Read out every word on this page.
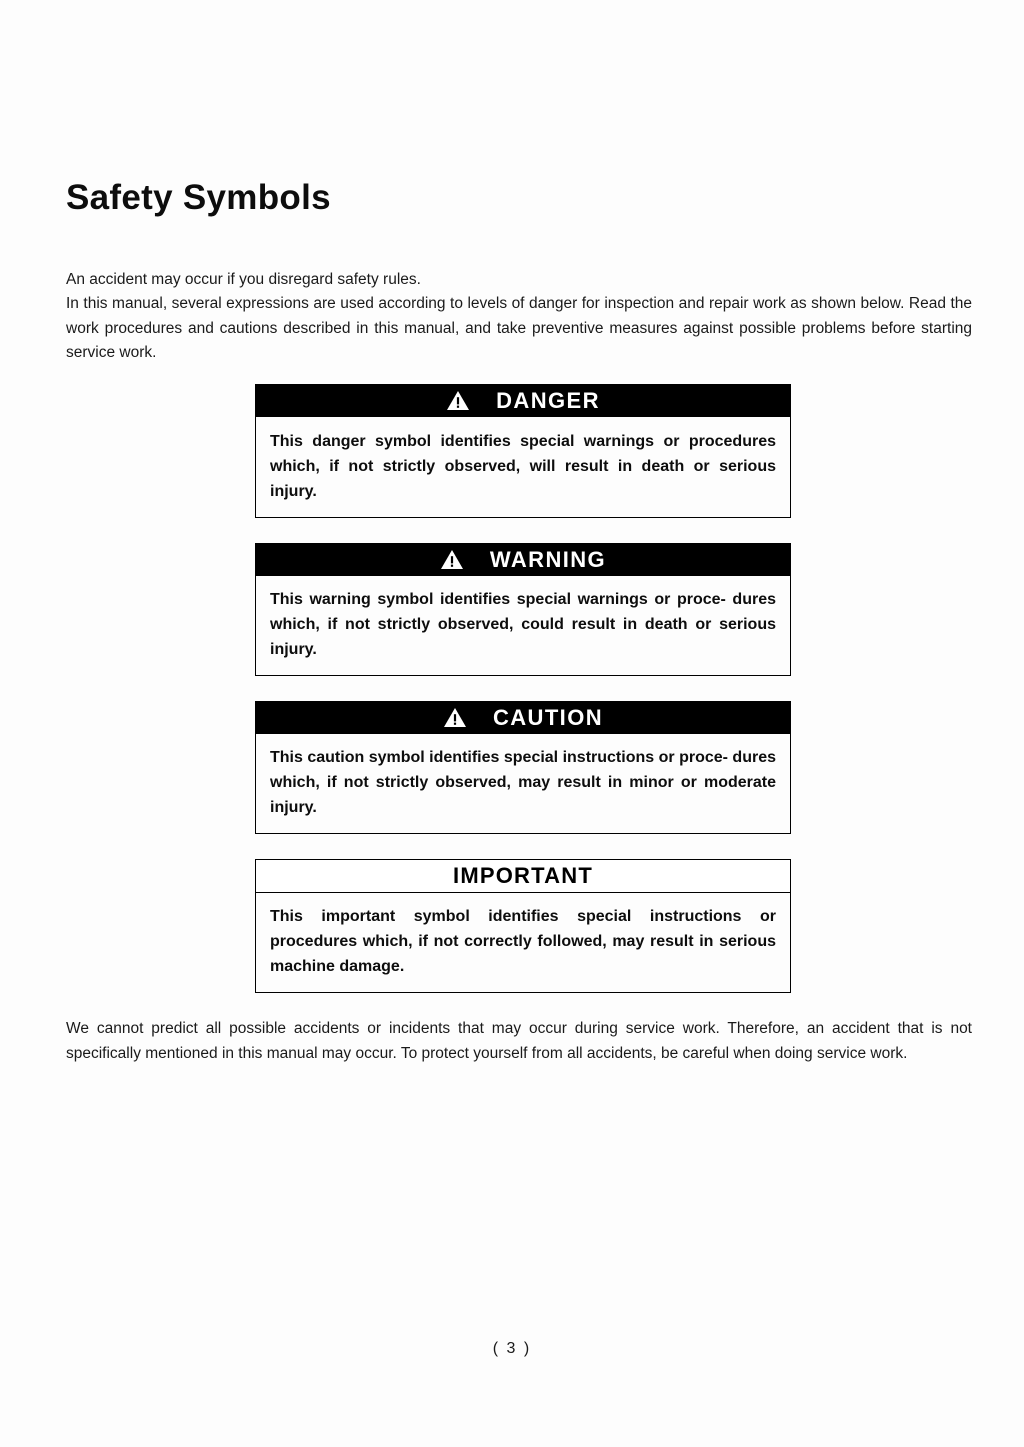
Safety Symbols

An accident may occur if you disregard safety rules.
In this manual, several expressions are used according to levels of danger for inspection and repair work as shown below. Read the work procedures and cautions described in this manual, and take preventive measures against possible problems before starting service work.

DANGER
This danger symbol identifies special warnings or procedures which, if not strictly observed, will result in death or serious injury.
WARNING
This warning symbol identifies special warnings or proce- dures which, if not strictly observed, could result in death or serious injury.
CAUTION
This caution symbol identifies special instructions or proce- dures which, if not strictly observed, may result in minor or moderate injury.
IMPORTANT
This important symbol identifies special instructions or procedures which, if not correctly followed, may result in serious machine damage.

We cannot predict all possible accidents or incidents that may occur during service work. Therefore, an accident that is not specifically mentioned in this manual may occur. To protect yourself from all accidents, be careful when doing service work.

( 3 )
